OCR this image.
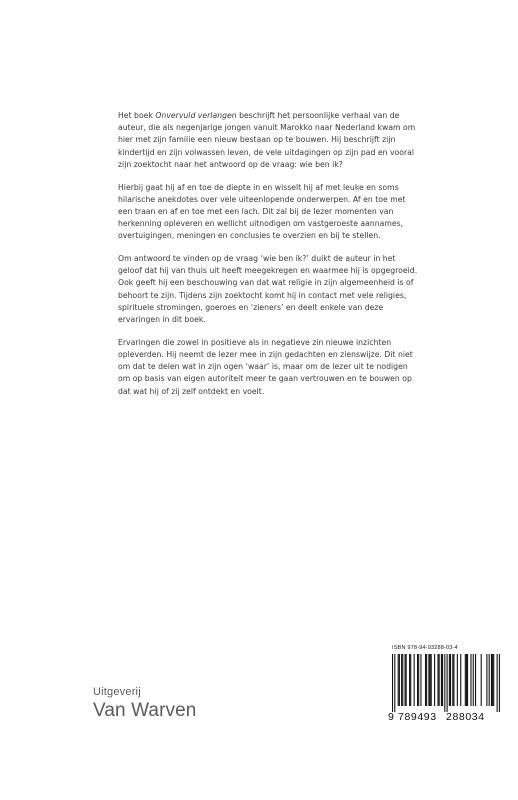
Het boek Onvervuld verlangen beschrijft het persoonlijke verhaal van de auteur, die als negenjarige jongen vanuit Marokko naar Nederland kwam om hier met zijn familie een nieuw bestaan op te bouwen. Hij beschrijft zijn kindertijd en zijn volwassen leven, de vele uitdagingen op zijn pad en vooral zijn zoektocht naar het antwoord op de vraag: wie ben ik?

Hierbij gaat hij af en toe de diepte in en wisselt hij af met leuke en soms hilarische anekdotes over vele uiteenlopende onderwerpen. Af en toe met een traan en af en toe met een lach. Dit zal bij de lezer momenten van herkenning opleveren en wellicht uitnodigen om vastgeroeste aannames, overtuigingen, meningen en conclusies te overzien en bij te stellen.

Om antwoord te vinden op de vraag ‘wie ben ik?’ duikt de auteur in het geloof dat hij van thuis uit heeft meegekregen en waarmee hij is opgegroeid. Ook geeft hij een beschouwing van dat wat religie in zijn algemeenheid is of behoort te zijn. Tijdens zijn zoektocht komt hij in contact met vele religies, spirituele stromingen, goeroes en ‘zieners’ en deelt enkele van deze ervaringen in dit boek.

Ervaringen die zowel in positieve als in negatieve zin nieuwe inzichten opleverden. Hij neemt de lezer mee in zijn gedachten en zienswijze. Dit niet om dat te delen wat in zijn ogen ‘waar’ is, maar om de lezer uit te nodigen om op basis van eigen autoriteit meer te gaan vertrouwen en te bouwen op dat wat hij of zij zelf ontdekt en voelt.

Uitgeverij
Van Warven
ISBN 978-94-93288-03-4
9 789493 288034
